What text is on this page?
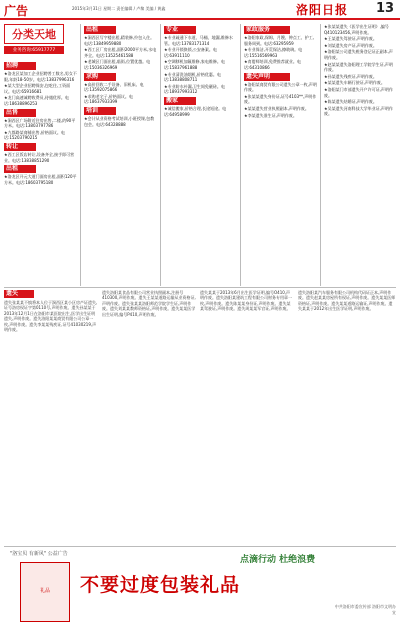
广告	2015年3月31日 星期二 责任编辑 / 卢黎 美编 / 黄鑫	洛阳日报 13
分类天地
业务咨询:65917777
招聘
★洛龙区某加工企业招聘普工数名,男女不限,年龄18-50岁。电话:13837996316
★某大型企业招聘保安,包吃住,工资面议。电话:65916681
★龙门高速诚聘收费员,待遇优厚。电话:18638896253
出售
★涧西区广场附近住房出售,二楼,约90平方米。电话:13803797786
★九都路某商铺出售,价格面议。电话:15203790215
转让
★西工区饭店转让,设备齐全,接手即可营业。电话:13838851290
出租
★洛龙区开元大道门面房出租,面积120平方米。电话:18603795180
出租
★涧西区写字楼出租,精装修,拎包入住。电话:13849959880
★西工区厂房出租,面积2000平方米,水电齐全。电话:13525461588
★老城区门面出租,临街,位置优越。电话:15036326969
求购
★高价回收二手设备、旧机床。电话:13592075866
★求购老宅子,价格面议。电话:18637933399
培训
★会计从业资格考试培训,小班授课,包教包会。电话:64328888
专业
★专业疏通下水道、马桶、地漏,维修水管。电话:13783171314
★专业开锁换锁,公安备案。电话:63911110
★空调移机加氟维修,家电维修。电话:15837961888
★专业清洗油烟机,价格优惠。电话:13838808711
★专业防水补漏,卫生间免砸砖。电话:18937993312
搬家
★诚信搬家,价格合理,长途短途。电话:64958999
家政服务
★洛阳家政,保姆、月嫂、钟点工、护工,服务周到。电话:63295959
★专业保洁,开荒保洁,擦玻璃。电话:15516569963
★育婴师培训,免费推荐就业。电话:64310866
遗失声明
★洛阳某商贸有限公司遗失公章一枚,声明作废。
★张某某遗失身份证,证号4103**,声明作废。
★某某遗失营业执照副本,声明作废。
★李某遗失准生证,声明作废。
★张某某遗失《医学出生证明》,编号Q410123456,声明作废。
★王某遗失驾驶证,声明作废。
★刘某遗失房产证,声明作废。
★洛阳某公司遗失税务登记证正副本,声明作废。
★赵某某遗失洛阳理工学院学生证,声明作废。
★孙某遗失残疾证,声明作废。
★某某遗失车辆行驶证,声明作废。
★洛阳某门市部遗失开户许可证,声明作废。
★陈某遗失结婚证,声明作废。
★吴某遗失河南科技大学毕业证,声明作废。
遗失
遗失张某某不慎将本人位于涧西区某小区房产证遗失,证号洛房权证字第0110号,声明作废。遗失孙某某于2013年12月1日在洛阳市某医院出生,医学出生证明遗失,声明作废。遗失洛阳某某商贸有限公司公章一枚,声明作废。遗失李某某残疾证,证号41030219,声明作废。
遗失洛阳某食品有限公司营业执照副本,注册号410300,声明作废。遗失王某某道路运输从业资格证,声明作废。遗失张某某洛阳师范学院学生证,声明作废。遗失刘某某教师资格证,声明作废。遗失某某医学出生证明,编号P410,声明作废。
遗失某某于2013年6月出生医学证明,编号O410,声明作废。遗失洛阳某建筑工程有限公司财务专用章一枚,声明作废。遗失陈某某身份证,声明作废。遗失某某驾驶证,声明作废。遗失周某某军官证,声明作废。
遗失洛阳某汽车服务有限公司机构代码证正本,声明作废。遗失赵某某房屋所有权证,声明作废。遗失某某医师资格证,声明作废。遗失某某道路运输证,声明作废。遗失某某于2012年出生医学证明,声明作废。
"洛宝贝 有新风" 公益广告
礼品
点滴行动 杜绝浪费
不要过度包装礼品
中共洛阳市委宣传部 洛阳市文明办 宣
